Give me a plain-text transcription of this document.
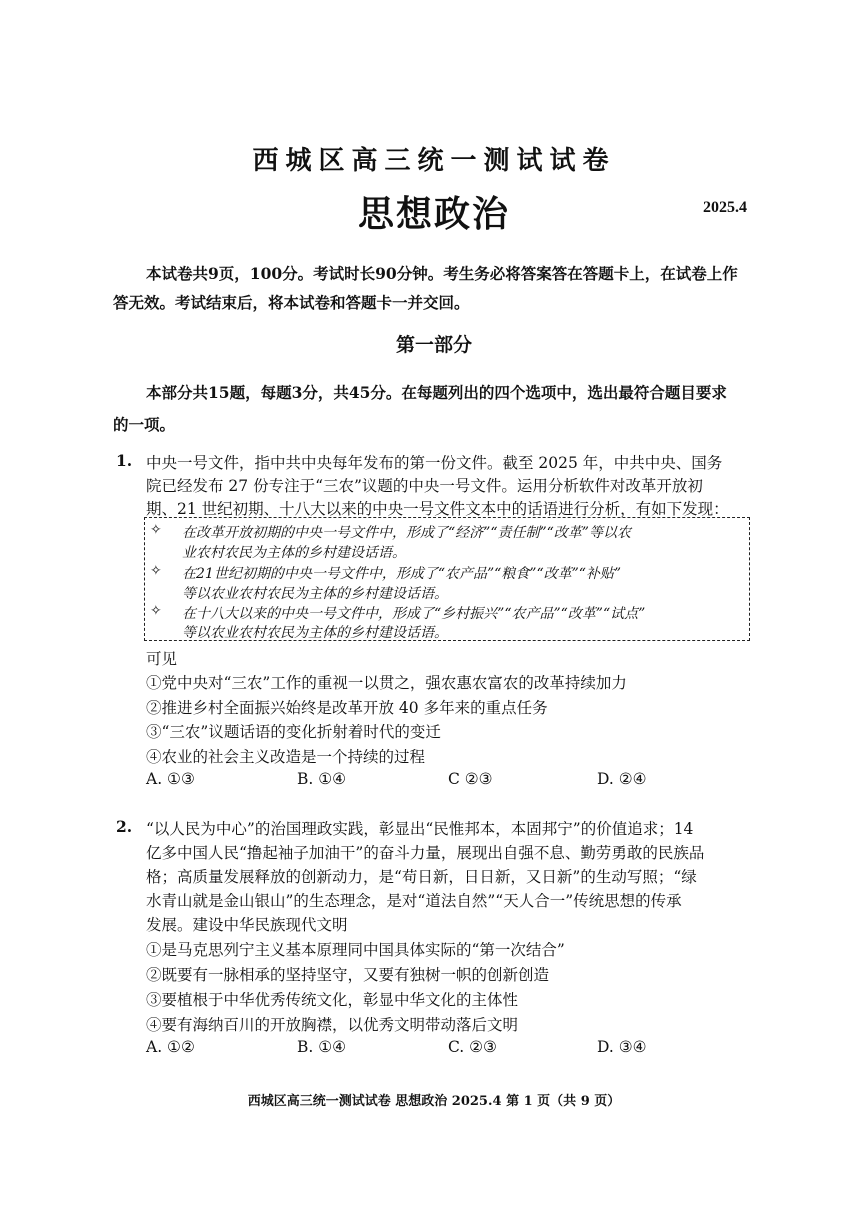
西城区高三统一测试试卷
思想政治	2025.4
本试卷共9页，100分。考试时长90分钟。考生务必将答案答在答题卡上，在试卷上作
答无效。考试结束后，将本试卷和答题卡一并交回。
第一部分
本部分共15题，每题3分，共45分。在每题列出的四个选项中，选出最符合题目要求
的一项。
1. 中央一号文件，指中共中央每年发布的第一份文件。截至 2025 年，中共中央、国务
院已经发布 27 份专注于“三农”议题的中央一号文件。运用分析软件对改革开放初
期、21 世纪初期、十八大以来的中央一号文件文本中的话语进行分析，有如下发现：
✧ 在改革开放初期的中央一号文件中，形成了“经济”“责任制”“改革”等以农
业农村农民为主体的乡村建设话语。
✧ 在21世纪初期的中央一号文件中，形成了“农产品”“粮食”“改革”“补贴”
等以农业农村农民为主体的乡村建设话语。
✧ 在十八大以来的中央一号文件中，形成了“乡村振兴”“农产品”“改革”“试点”
等以农业农村农民为主体的乡村建设话语。
可见
①党中央对“三农”工作的重视一以贯之，强农惠农富农的改革持续加力
②推进乡村全面振兴始终是改革开放 40 多年来的重点任务
③“三农”议题话语的变化折射着时代的变迁
④农业的社会主义改造是一个持续的过程
A. ①③	B. ①④	C ②③	D. ②④
2. “以人民为中心”的治国理政实践，彰显出“民惟邦本，本固邦宁”的价值追求；14
亿多中国人民“撸起袖子加油干”的奋斗力量，展现出自强不息、勤劳勇敢的民族品
格；高质量发展释放的创新动力，是“苟日新，日日新，又日新”的生动写照；“绿
水青山就是金山银山”的生态理念，是对“道法自然”“天人合一”传统思想的传承
发展。建设中华民族现代文明
①是马克思列宁主义基本原理同中国具体实际的“第一次结合”
②既要有一脉相承的坚持坚守，又要有独树一帜的创新创造
③要植根于中华优秀传统文化，彰显中华文化的主体性
④要有海纳百川的开放胸襟，以优秀文明带动落后文明
A. ①②	B. ①④	C. ②③	D. ③④
西城区高三统一测试试卷 思想政治 2025.4 第 1 页（共 9 页）
